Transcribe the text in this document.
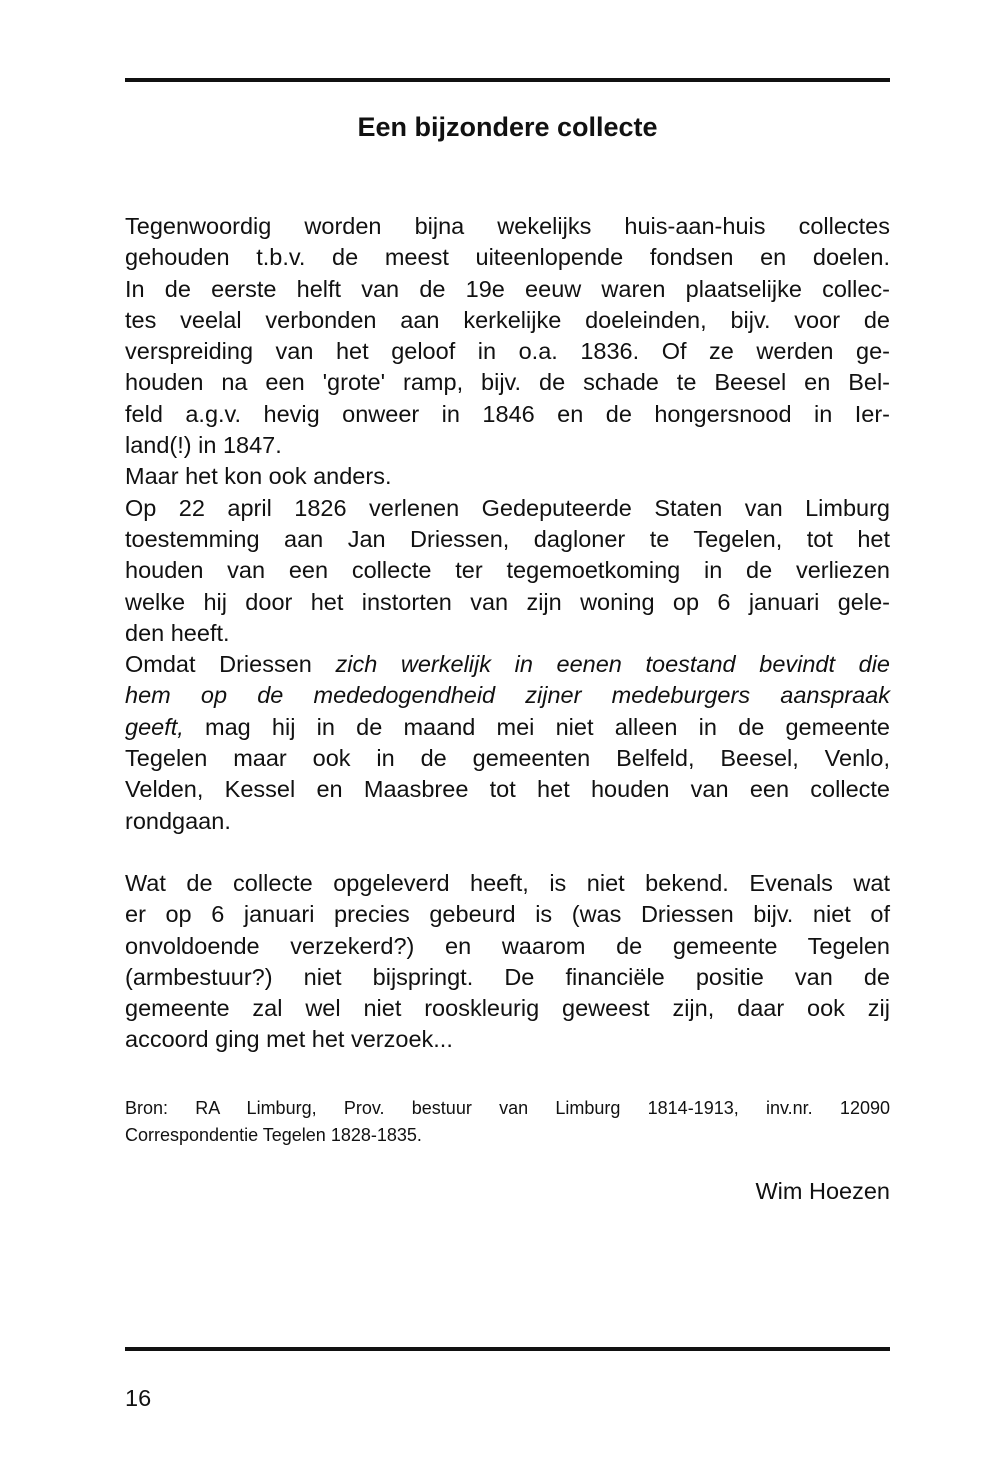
Een bijzondere collecte
Tegenwoordig worden bijna wekelijks huis-aan-huis collectes
gehouden t.b.v. de meest uiteenlopende fondsen en doelen.
In de eerste helft van de 19e eeuw waren plaatselijke collec-
tes veelal verbonden aan kerkelijke doeleinden, bijv. voor de
verspreiding van het geloof in o.a. 1836. Of ze werden ge-
houden na een 'grote' ramp, bijv. de schade te Beesel en Bel-
feld a.g.v. hevig onweer in 1846 en de hongersnood in Ier-
land(!) in 1847.
Maar het kon ook anders.
Op 22 april 1826 verlenen Gedeputeerde Staten van Limburg
toestemming aan Jan Driessen, dagloner te Tegelen, tot het
houden van een collecte ter tegemoetkoming in de verliezen
welke hij door het instorten van zijn woning op 6 januari gele-
den heeft.
Omdat Driessen zich werkelijk in eenen toestand bevindt die
hem op de mededogendheid zijner medeburgers aanspraak
geeft, mag hij in de maand mei niet alleen in de gemeente
Tegelen maar ook in de gemeenten Belfeld, Beesel, Venlo,
Velden, Kessel en Maasbree tot het houden van een collecte
rondgaan.
Wat de collecte opgeleverd heeft, is niet bekend. Evenals wat
er op 6 januari precies gebeurd is (was Driessen bijv. niet of
onvoldoende verzekerd?) en waarom de gemeente Tegelen
(armbestuur?) niet bijspringt. De financiële positie van de
gemeente zal wel niet rooskleurig geweest zijn, daar ook zij
accoord ging met het verzoek...
Bron: RA Limburg, Prov. bestuur van Limburg 1814-1913, inv.nr. 12090
Correspondentie Tegelen 1828-1835.
Wim Hoezen
16
